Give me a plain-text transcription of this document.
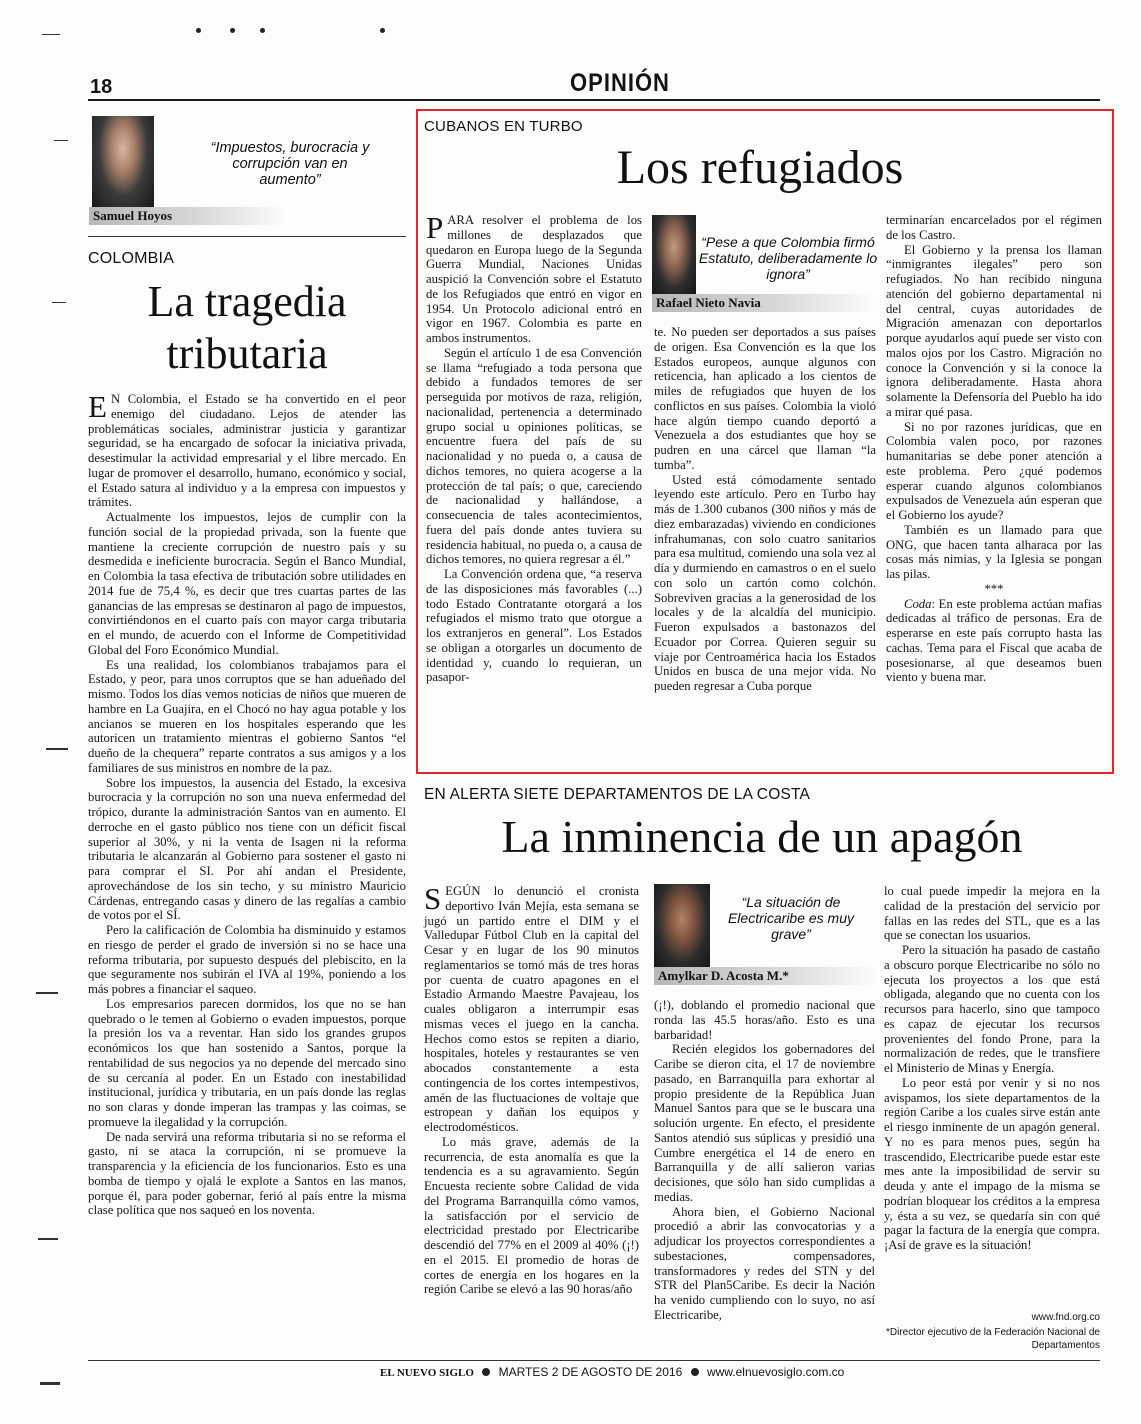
18	OPINIÓN
“Impuestos, burocracia y corrupción van en aumento”
Samuel Hoyos
COLOMBIA
La tragedia
tributaria

E N Colombia, el Estado se ha convertido en el peor enemigo del ciudadano. Lejos de atender las problemáticas sociales, administrar justicia y garantizar seguridad, se ha encargado de sofocar la iniciativa privada, desestimular la actividad empresarial y el libre mercado. En lugar de promover el desarrollo, humano, económico y social, el Estado satura al individuo y a la empresa con impuestos y trámites.

Actualmente los impuestos, lejos de cumplir con la función social de la propiedad privada, son la fuente que mantiene la creciente corrupción de nuestro país y su desmedida e ineficiente burocracia. Según el Banco Mundial, en Colombia la tasa efectiva de tributación sobre utilidades en 2014 fue de 75,4 %, es decir que tres cuartas partes de las ganancias de las empresas se destinaron al pago de impuestos, convirtiéndonos en el cuarto país con mayor carga tributaria en el mundo, de acuerdo con el Informe de Competitividad Global del Foro Económico Mundial.

Es una realidad, los colombianos trabajamos para el Estado, y peor, para unos corruptos que se han adueñado del mismo. Todos los días vemos noticias de niños que mueren de hambre en La Guajira, en el Chocó no hay agua potable y los ancianos se mueren en los hospitales esperando que les autoricen un tratamiento mientras el gobierno Santos “el dueño de la chequera” reparte contratos a sus amigos y a los familiares de sus ministros en nombre de la paz.

Sobre los impuestos, la ausencia del Estado, la excesiva burocracia y la corrupción no son una nueva enfermedad del trópico, durante la administración Santos van en aumento. El derroche en el gasto público nos tiene con un déficit fiscal superior al 30%, y ni la venta de Isagen ni la reforma tributaria le alcanzarán al Gobierno para sostener el gasto ni para comprar el SI. Por ahí andan el Presidente, aprovechándose de los sin techo, y su ministro Mauricio Cárdenas, entregando casas y dinero de las regalías a cambio de votos por el SÍ.

Pero la calificación de Colombia ha disminuido y estamos en riesgo de perder el grado de inversión si no se hace una reforma tributaria, por supuesto después del plebiscito, en la que seguramente nos subirán el IVA al 19%, poniendo a los más pobres a financiar el saqueo.

Los empresarios parecen dormidos, los que no se han quebrado o le temen al Gobierno o evaden impuestos, porque la presión los va a reventar. Han sido los grandes grupos económicos los que han sostenido a Santos, porque la rentabilidad de sus negocios ya no depende del mercado sino de su cercanía al poder. En un Estado con inestabilidad institucional, jurídica y tributaria, en un país donde las reglas no son claras y donde imperan las trampas y las coimas, se promueve la ilegalidad y la corrupción.

De nada servirá una reforma tributaria si no se reforma el gasto, ni se ataca la corrupción, ni se promueve la transparencia y la eficiencia de los funcionarios. Esto es una bomba de tiempo y ojalá le explote a Santos en las manos, porque él, para poder gobernar, ferió al país entre la misma clase política que nos saqueó en los noventa.

CUBANOS EN TURBO
Los refugiados

PARA resolver el problema de los millones de desplazados que quedaron en Europa luego de la Segunda Guerra Mundial, Naciones Unidas auspició la Convención sobre el Estatuto de los Refugiados que entró en vigor en 1954. Un Protocolo adicional entró en vigor en 1967. Colombia es parte en ambos instrumentos.

Según el artículo 1 de esa Convención se llama “refugiado a toda persona que debido a fundados temores de ser perseguida por motivos de raza, religión, nacionalidad, pertenencia a determinado grupo social u opiniones políticas, se encuentre fuera del país de su nacionalidad y no pueda o, a causa de dichos temores, no quiera acogerse a la protección de tal país; o que, careciendo de nacionalidad y hallándose, a consecuencia de tales acontecimientos, fuera del país donde antes tuviera su residencia habitual, no pueda o, a causa de dichos temores, no quiera regresar a él.”

La Convención ordena que, “a reserva de las disposiciones más favorables (...) todo Estado Contratante otorgará a los refugiados el mismo trato que otorgue a los extranjeros en general”. Los Estados se obligan a otorgarles un documento de identidad y, cuando lo requieran, un pasapor-

“Pese a que Colombia firmó Estatuto, deliberadamente lo ignora”
Rafael Nieto Navia

te. No pueden ser deportados a sus países de origen. Esa Convención es la que los Estados europeos, aunque algunos con reticencia, han aplicado a los cientos de miles de refugiados que huyen de los conflictos en sus países. Colombia la violó hace algún tiempo cuando deportó a Venezuela a dos estudiantes que hoy se pudren en una cárcel que llaman “la tumba”.

Usted está cómodamente sentado leyendo este artículo. Pero en Turbo hay más de 1.300 cubanos (300 niños y más de diez embarazadas) viviendo en condiciones infrahumanas, con solo cuatro sanitarios para esa multitud, comiendo una sola vez al día y durmiendo en camastros o en el suelo con solo un cartón como colchón. Sobreviven gracias a la generosidad de los locales y de la alcaldía del municipio. Fueron expulsados a bastonazos del Ecuador por Correa. Quieren seguir su viaje por Centroamérica hacia los Estados Unidos en busca de una mejor vida. No pueden regresar a Cuba porque

terminarían encarcelados por el régimen de los Castro.

El Gobierno y la prensa los llaman “inmigrantes ilegales” pero son refugiados. No han recibido ninguna atención del gobierno departamental ni del central, cuyas autoridades de Migración amenazan con deportarlos porque ayudarlos aquí puede ser visto con malos ojos por los Castro. Migración no conoce la Convención y si la conoce la ignora deliberadamente. Hasta ahora solamente la Defensoría del Pueblo ha ido a mirar qué pasa.

Si no por razones jurídicas, que en Colombia valen poco, por razones humanitarias se debe poner atención a este problema. Pero ¿qué podemos esperar cuando algunos colombianos expulsados de Venezuela aún esperan que el Gobierno los ayude?

También es un llamado para que ONG, que hacen tanta alharaca por las cosas más nimias, y la Iglesia se pongan las pilas.

***

Coda: En este problema actúan mafias dedicadas al tráfico de personas. Era de esperarse en este país corrupto hasta las cachas. Tema para el Fiscal que acaba de posesionarse, al que deseamos buen viento y buena mar.

EN ALERTA SIETE DEPARTAMENTOS DE LA COSTA
La inminencia de un apagón

SEGÚN lo denunció el cronista deportivo Iván Mejía, esta semana se jugó un partido entre el DIM y el Valledupar Fútbol Club en la capital del Cesar y en lugar de los 90 minutos reglamentarios se tomó más de tres horas por cuenta de cuatro apagones en el Estadio Armando Maestre Pavajeau, los cuales obligaron a interrumpir esas mismas veces el juego en la cancha. Hechos como estos se repiten a diario, hospitales, hoteles y restaurantes se ven abocados constantemente a esta contingencia de los cortes intempestivos, amén de las fluctuaciones de voltaje que estropean y dañan los equipos y electrodomésticos.

Lo más grave, además de la recurrencia, de esta anomalía es que la tendencia es a su agravamiento. Según Encuesta reciente sobre Calidad de vida del Programa Barranquilla cómo vamos, la satisfacción por el servicio de electricidad prestado por Electricaribe descendió del 77% en el 2009 al 40% (¡!) en el 2015. El promedio de horas de cortes de energía en los hogares en la región Caribe se elevó a las 90 horas/año

“La situación de Electricaribe es muy grave”
Amylkar D. Acosta M.*

(¡!), doblando el promedio nacional que ronda las 45.5 horas/año. Esto es una barbaridad!

Recién elegidos los gobernadores del Caribe se dieron cita, el 17 de noviembre pasado, en Barranquilla para exhortar al propio presidente de la República Juan Manuel Santos para que se le buscara una solución urgente. En efecto, el presidente Santos atendió sus súplicas y presidió una Cumbre energética el 14 de enero en Barranquilla y de allí salieron varias decisiones, que sólo han sido cumplidas a medias.

Ahora bien, el Gobierno Nacional procedió a abrir las convocatorias y a adjudicar los proyectos correspondientes a subestaciones, compensadores, transformadores y redes del STN y del STR del Plan5Caribe. Es decir la Nación ha venido cumpliendo con lo suyo, no así Electricaribe,

lo cual puede impedir la mejora en la calidad de la prestación del servicio por fallas en las redes del STL, que es a las que se conectan los usuarios.

Pero la situación ha pasado de castaño a obscuro porque Electricaribe no sólo no ejecuta los proyectos a los que está obligada, alegando que no cuenta con los recursos para hacerlo, sino que tampoco es capaz de ejecutar los recursos provenientes del fondo Prone, para la normalización de redes, que le transfiere el Ministerio de Minas y Energía.

Lo peor está por venir y si no nos avispamos, los siete departamentos de la región Caribe a los cuales sirve están ante el riesgo inminente de un apagón general. Y no es para menos pues, según ha trascendido, Electricaribe puede estar este mes ante la imposibilidad de servir su deuda y ante el impago de la misma se podrían bloquear los créditos a la empresa y, ésta a su vez, se quedaría sin con qué pagar la factura de la energía que compra. ¡Así de grave es la situación!

www.fnd.org.co
*Director ejecutivo de la Federación Nacional de Departamentos
EL NUEVO SIGLO MARTES 2 DE AGOSTO DE 2016 www.elnuevosiglo.com.co
